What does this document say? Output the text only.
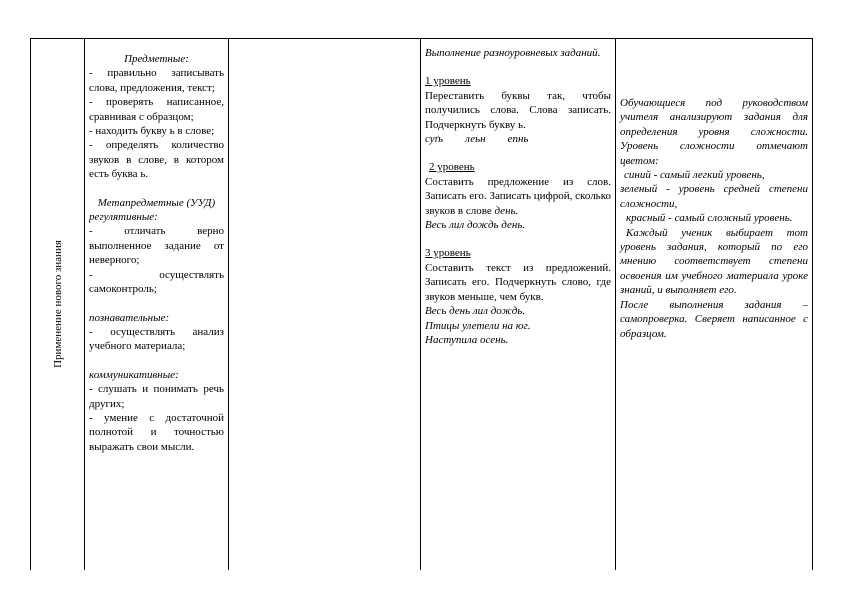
Применение нового знания

Предметные:

- правильно записывать слова, предложения, текст;

- проверять написанное, сравнивая с образцом;

- находить букву ь в слове;

- определять количество звуков в слове, в котором есть буква ь.

Метапредметные (УУД)

регулятивные:

- отличать верно выполненное задание от неверного;

- осуществлять самоконтроль;

познавательные:

- осуществлять анализ учебного материала;

коммуникативные:

- слушать и понимать речь других;

- умение с достаточной полнотой и точностью выражать свои мысли.

Выполнение разноуровневых заданий.

1 уровень

Переставить буквы так, чтобы получились слова. Слова записать. Подчеркнуть букву ь.

суґь леьн епнь

2 уровень

Составить предложение из слов. Записать его. Записать цифрой, сколько звуков в слове день.

Весь лил дождь день.

3 уровень

Составить текст из предложений. Записать его. Подчеркнуть слово, где звуков меньше, чем букв.

Весь день лил дождь.

Птицы улетели на юг.

Наступила осень.

Обучающиеся под руководством учителя анализируют задания для определения уровня сложности. Уровень сложности отмечают цветом:

синий - самый легкий уровень,

зеленый - уровень средней степени сложности,

красный - самый сложный уровень.

Каждый ученик выбирает тот уровень задания, который по его мнению соответствует степени освоения им учебного материала уроке знаний, и выполняет его.

После выполнения задания – самопроверка. Сверяет написанное с образцом.
